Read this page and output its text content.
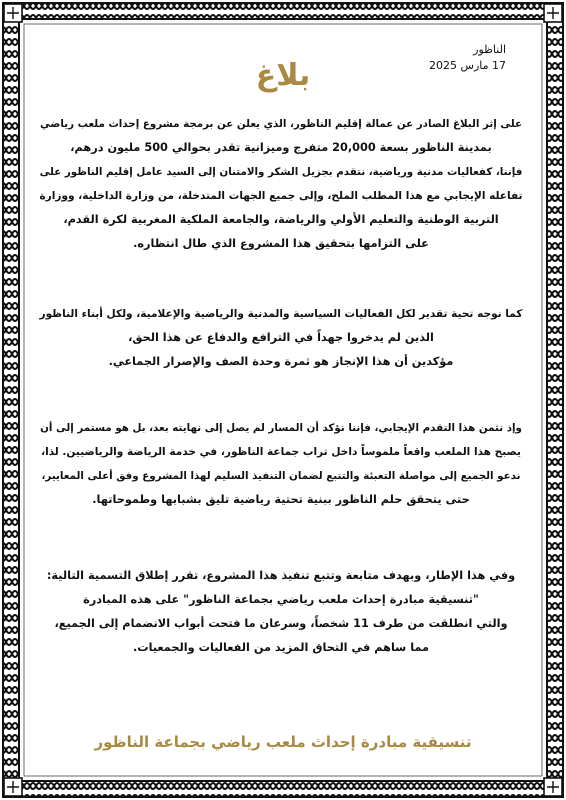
الناظور
17 مارس 2025
بلاغ
على إثر البلاغ الصادر عن عمالة إقليم الناظور، الذي يعلن عن برمجة مشروع إحداث ملعب رياضي
بمدينة الناظور بسعة 20,000 متفرج وميزانية تقدر بحوالي 500 مليون درهم،
فإننا، كفعاليات مدنية ورياضية، نتقدم بجزيل الشكر والامتنان إلى السيد عامل إقليم الناظور على
تفاعله الإيجابي مع هذا المطلب الملح، وإلى جميع الجهات المتدخلة، من وزارة الداخلية، ووزارة
التربية الوطنية والتعليم الأولي والرياضة، والجامعة الملكية المغربية لكرة القدم،
على التزامها بتحقيق هذا المشروع الذي طال انتظاره.
كما نوجه تحية تقدير لكل الفعاليات السياسية والمدنية والرياضية والإعلامية، ولكل أبناء الناظور
الذين لم يدخروا جهداً في الترافع والدفاع عن هذا الحق،
مؤكدين أن هذا الإنجاز هو ثمرة وحدة الصف والإصرار الجماعي.
وإذ نثمن هذا التقدم الإيجابي، فإننا نؤكد أن المسار لم يصل إلى نهايته بعد، بل هو مستمر إلى أن
يصبح هذا الملعب واقعاً ملموساً داخل تراب جماعة الناظور، في خدمة الرياضة والرياضيين. لذا،
ندعو الجميع إلى مواصلة التعبئة والتتبع لضمان التنفيذ السليم لهذا المشروع وفق أعلى المعايير،
حتى يتحقق حلم الناظور ببنية تحتية رياضية تليق بشبابها وطموحاتها.
وفي هذا الإطار، وبهدف متابعة وتتبع تنفيذ هذا المشروع، تقرر إطلاق التسمية التالية:
"تنسيقية مبادرة إحداث ملعب رياضي بجماعة الناظور" على هذه المبادرة
والتي انطلقت من طرف 11 شخصاً، وسرعان ما فتحت أبواب الانضمام إلى الجميع،
مما ساهم في التحاق المزيد من الفعاليات والجمعيات.
تنسيقية مبادرة إحداث ملعب رياضي بجماعة الناظور
